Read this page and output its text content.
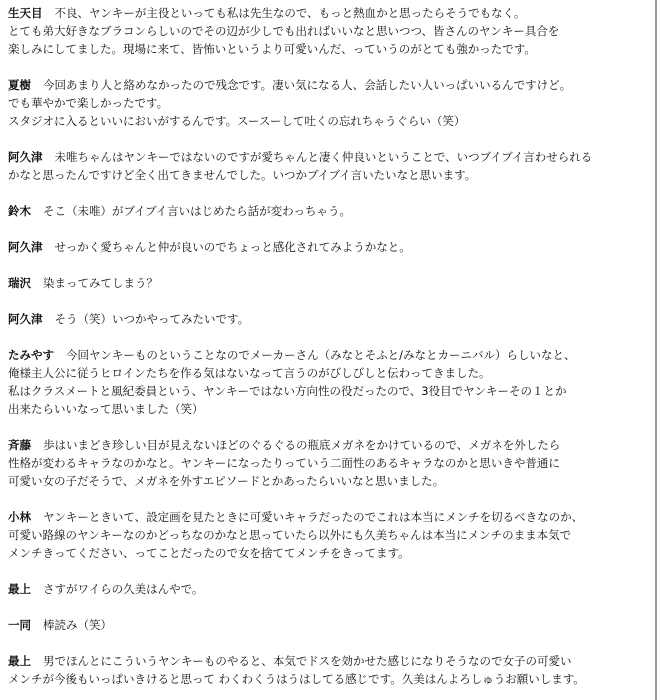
生天目 不良、ヤンキーが主役といっても私は先生なので、もっと熱血かと思ったらそうでもなく。
とても弟大好きなブラコンらしいのでその辺が少しでも出ればいいなと思いつつ、皆さんのヤンキー具合を
楽しみにしてました。現場に来て、皆怖いというより可愛いんだ、っていうのがとても強かったです。
夏樹 今回あまり人と絡めなかったので残念です。凄い気になる人、会話したい人いっぱいいるんですけど。
でも華やかで楽しかったです。
スタジオに入るといいにおいがするんです。スースーして吐くの忘れちゃうぐらい（笑）
阿久津 未唯ちゃんはヤンキーではないのですが愛ちゃんと凄く仲良いということで、いつブイブイ言わせられる
かなと思ったんですけど全く出てきませんでした。いつかブイブイ言いたいなと思います。
鈴木 そこ（未唯）がブイブイ言いはじめたら話が変わっちゃう。
阿久津 せっかく愛ちゃんと仲が良いのでちょっと感化されてみようかなと。
瑞沢 染まってみてしまう？
阿久津 そう（笑）いつかやってみたいです。
たみやす 今回ヤンキーものということなのでメーカーさん（みなとそふと/みなとカーニバル）らしいなと、
俺様主人公に従うヒロインたちを作る気はないなって言うのがびしびしと伝わってきました。
私はクラスメートと風紀委員という、ヤンキーではない方向性の役だったので、3役目でヤンキーその１とか
出来たらいいなって思いました（笑）
斉藤 歩はいまどき珍しい目が見えないほどのぐるぐるの瓶底メガネをかけているので、メガネを外したら
性格が変わるキャラなのかなと。ヤンキーになったりっていう二面性のあるキャラなのかと思いきや普通に
可愛い女の子だそうで、メガネを外すエピソードとかあったらいいなと思いました。
小林 ヤンキーときいて、設定画を見たときに可愛いキャラだったのでこれは本当にメンチを切るべきなのか、
可愛い路線のヤンキーなのかどっちなのかなと思っていたら以外にも久美ちゃんは本当にメンチのまま本気で
メンチきってください、ってことだったので女を捨ててメンチをきってます。
最上 さすがワイらの久美はんやで。
一同 棒読み（笑）
最上 男でほんとにこういうヤンキーものやると、本気でドスを効かせた感じになりそうなので女子の可愛い
メンチが今後もいっぱいきけると思って わくわくうはうはしてる感じです。久美はんよろしゅうお願いします。
